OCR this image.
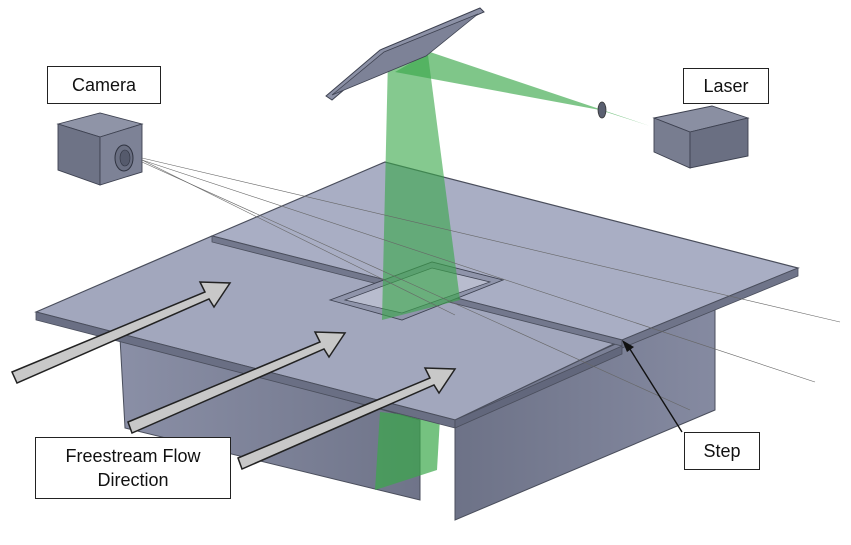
Camera	Laser
Step
Freestream Flow
Direction
